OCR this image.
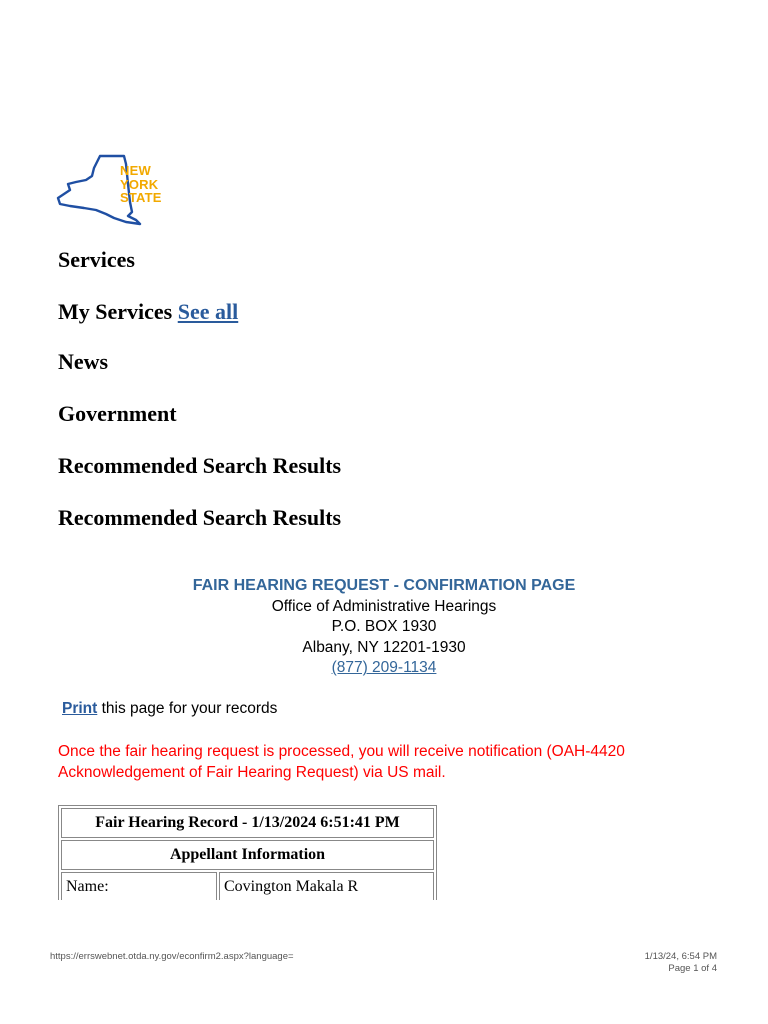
NEW
YORK
STATE
Services
My Services See all
News
Government
Recommended Search Results
Recommended Search Results
FAIR HEARING REQUEST - CONFIRMATION PAGE
Office of Administrative Hearings
P.O. BOX 1930
Albany, NY 12201-1930
(877) 209-1134
Print this page for your records
Once the fair hearing request is processed, you will receive notification (OAH-4420 Acknowledgement of Fair Hearing Request) via US mail.
Fair Hearing Record - 1/13/2024 6:51:41 PM	
Appellant Information	
Name:	Covington Makala R

https://errswebnet.otda.ny.gov/econfirm2.aspx?language=	1/13/24, 6:54 PM
Page 1 of 4
